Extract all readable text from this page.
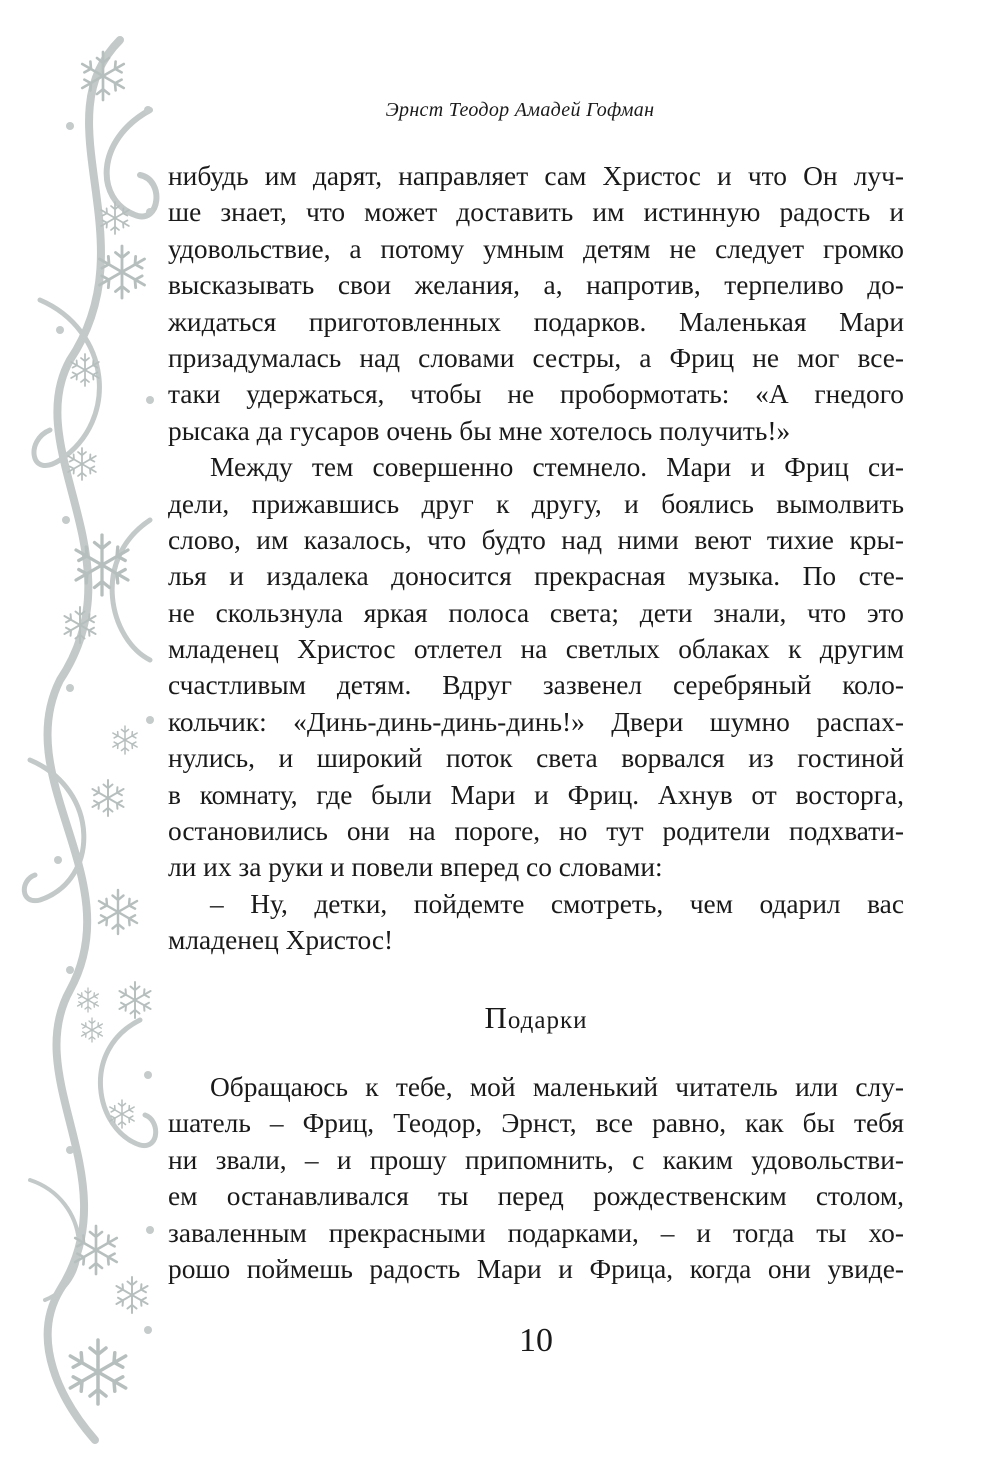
Эрнст Теодор Амадей Гофман
нибудь им дарят, направляет сам Христос и что Он луч-
ше знает, что может доставить им истинную радость и
удовольствие, а потому умным детям не следует громко
высказывать свои желания, а, напротив, терпеливо до-
жидаться приготовленных подарков. Маленькая Мари
призадумалась над словами сестры, а Фриц не мог все-
таки удержаться, чтобы не пробормотать: «А гнедого
рысака да гусаров очень бы мне хотелось получить!»
Между тем совершенно стемнело. Мари и Фриц си-
дели, прижавшись друг к другу, и боялись вымолвить
слово, им казалось, что будто над ними веют тихие кры-
лья и издалека доносится прекрасная музыка. По сте-
не скользнула яркая полоса света; дети знали, что это
младенец Христос отлетел на светлых облаках к другим
счастливым детям. Вдруг зазвенел серебряный коло-
кольчик: «Динь-динь-динь-динь!» Двери шумно распах-
нулись, и широкий поток света ворвался из гостиной
в комнату, где были Мари и Фриц. Ахнув от восторга,
остановились они на пороге, но тут родители подхвати-
ли их за руки и повели вперед со словами:
– Ну, детки, пойдемте смотреть, чем одарил вас
младенец Христос!
Подарки
Обращаюсь к тебе, мой маленький читатель или слу-
шатель – Фриц, Теодор, Эрнст, все равно, как бы тебя
ни звали, – и прошу припомнить, с каким удовольстви-
ем останавливался ты перед рождественским столом,
заваленным прекрасными подарками, – и тогда ты хо-
рошо поймешь радость Мари и Фрица, когда они увиде-
10
